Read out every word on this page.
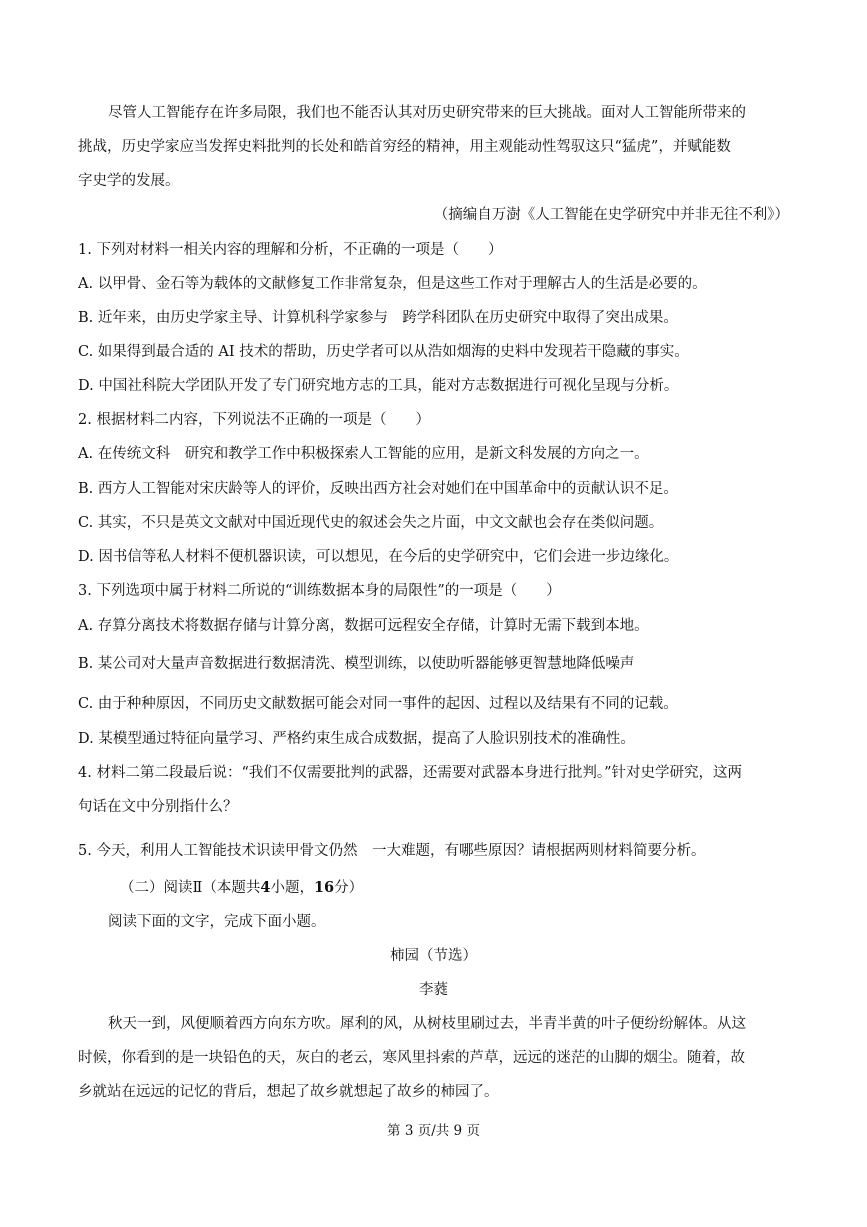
尽管人工智能存在许多局限，我们也不能否认其对历史研究带来的巨大挑战。面对人工智能所带来的
挑战，历史学家应当发挥史料批判的长处和皓首穷经的精神，用主观能动性驾驭这只“猛虎”，并赋能数
字史学的发展。
（摘编自万澍《人工智能在史学研究中并非无往不利》）
1. 下列对材料一相关内容的理解和分析，不正确的一项是（　　）
A. 以甲骨、金石等为载体的文献修复工作非常复杂，但是这些工作对于理解古人的生活是必要的。
B. 近年来，由历史学家主导、计算机科学家参与　跨学科团队在历史研究中取得了突出成果。
C. 如果得到最合适的 AI 技术的帮助，历史学者可以从浩如烟海的史料中发现若干隐藏的事实。
D. 中国社科院大学团队开发了专门研究地方志的工具，能对方志数据进行可视化呈现与分析。
2. 根据材料二内容，下列说法不正确的一项是（　　）
A. 在传统文科　研究和教学工作中积极探索人工智能的应用，是新文科发展的方向之一。
B. 西方人工智能对宋庆龄等人的评价，反映出西方社会对她们在中国革命中的贡献认识不足。
C. 其实，不只是英文文献对中国近现代史的叙述会失之片面，中文文献也会存在类似问题。
D. 因书信等私人材料不便机器识读，可以想见，在今后的史学研究中，它们会进一步边缘化。
3. 下列选项中属于材料二所说的“训练数据本身的局限性”的一项是（　　）
A. 存算分离技术将数据存储与计算分离，数据可远程安全存储，计算时无需下载到本地。
B. 某公司对大量声音数据进行数据清洗、模型训练，以使助听器能够更智慧地降低噪声
C. 由于种种原因，不同历史文献数据可能会对同一事件的起因、过程以及结果有不同的记载。
D. 某模型通过特征向量学习、严格约束生成合成数据，提高了人脸识别技术的准确性。
4. 材料二第二段最后说：“我们不仅需要批判的武器，还需要对武器本身进行批判。”针对史学研究，这两
句话在文中分别指什么？
5. 今天，利用人工智能技术识读甲骨文仍然　一大难题，有哪些原因？请根据两则材料简要分析。
（二）阅读Ⅱ（本题共4小题，16分）
阅读下面的文字，完成下面小题。
柿园（节选）
李蕤
秋天一到，风便顺着西方向东方吹。犀利的风，从树枝里刷过去，半青半黄的叶子便纷纷解体。从这
时候，你看到的是一块铅色的天，灰白的老云，寒风里抖索的芦草，远远的迷茫的山脚的烟尘。随着，故
乡就站在远远的记忆的背后，想起了故乡就想起了故乡的柿园了。
第 3 页/共 9 页
